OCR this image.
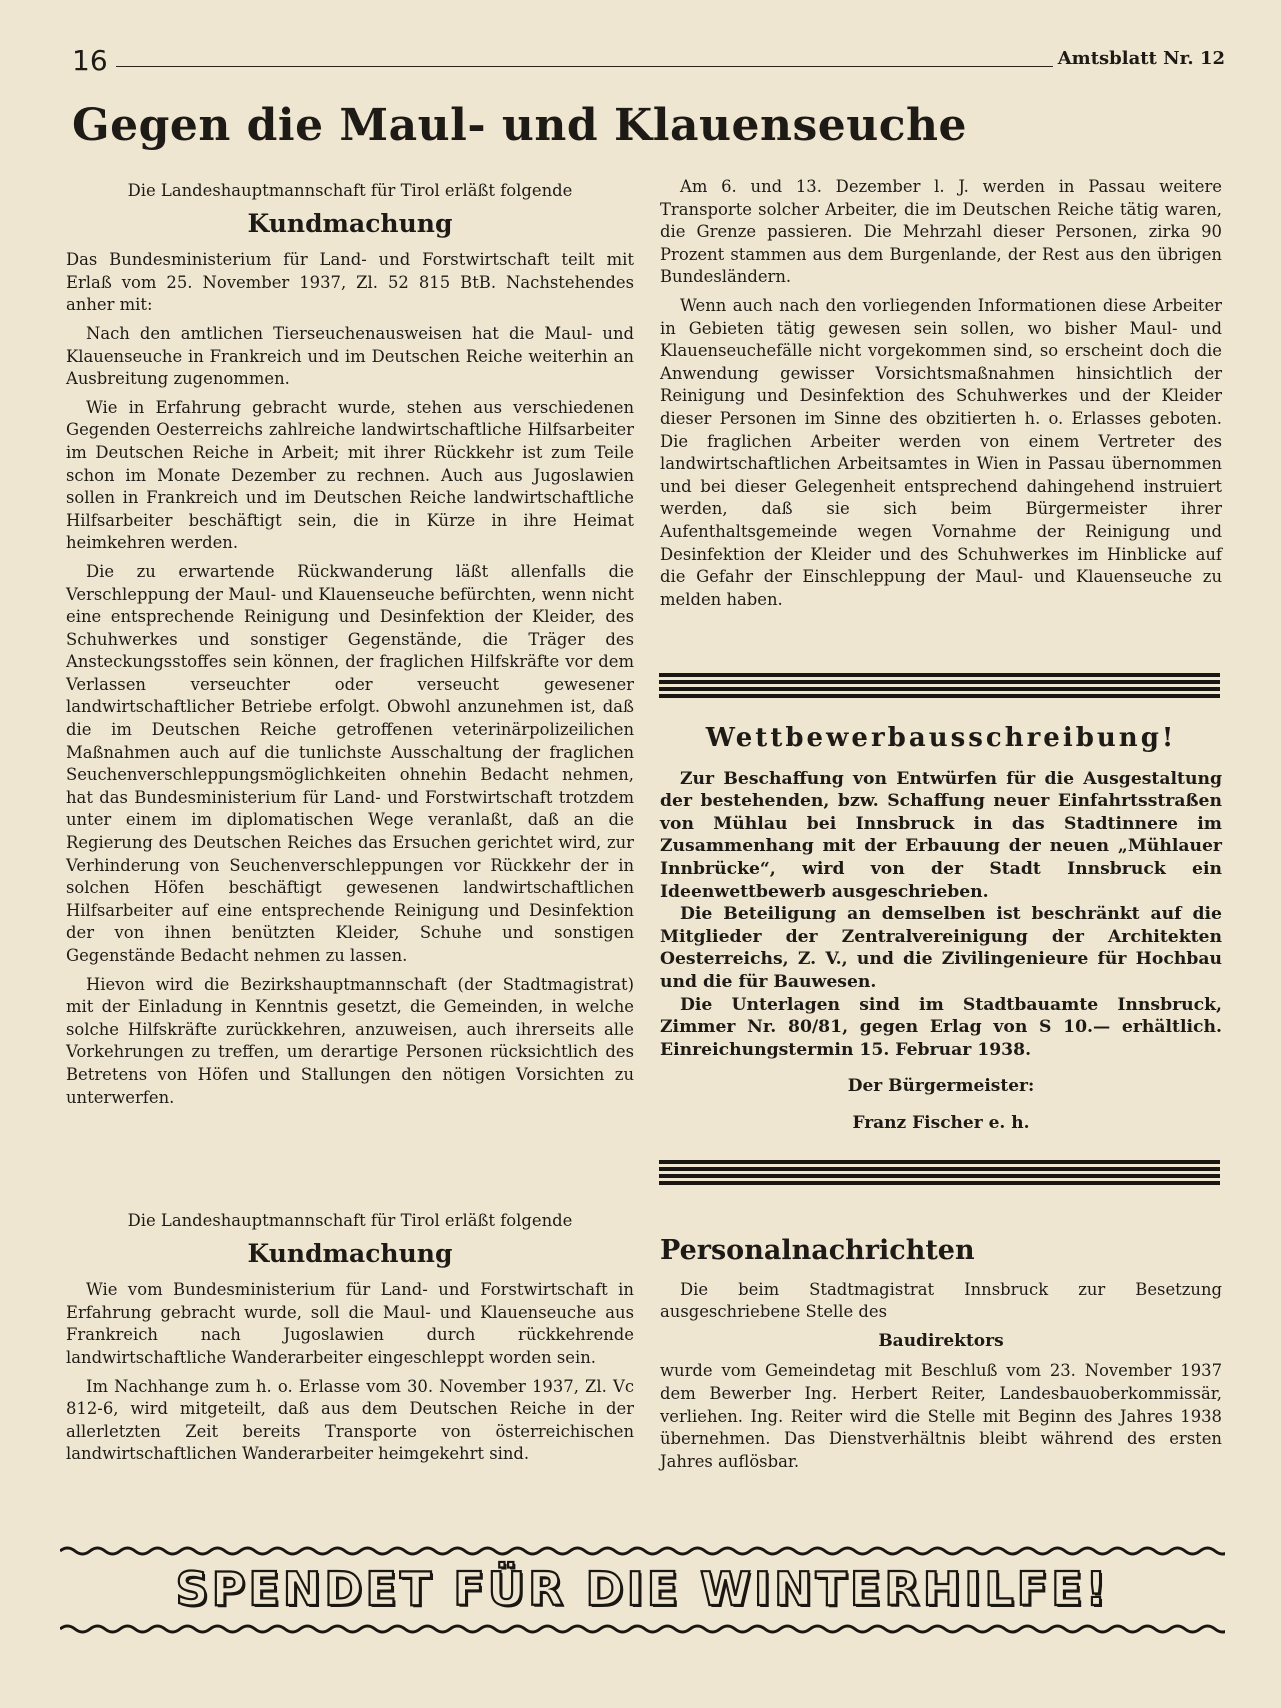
16	Amtsblatt Nr. 12
Gegen die Maul- und Klauenseuche
Die Landeshauptmannschaft für Tirol erläßt folgende
Kundmachung

Das Bundesministerium für Land- und Forstwirtschaft teilt mit Erlaß vom 25. November 1937, Zl. 52 815 BtB. Nachstehendes anher mit:

Nach den amtlichen Tierseuchenausweisen hat die Maul- und Klauenseuche in Frankreich und im Deutschen Reiche weiterhin an Ausbreitung zugenommen.

Wie in Erfahrung gebracht wurde, stehen aus verschiedenen Gegenden Oesterreichs zahlreiche landwirtschaftliche Hilfsarbeiter im Deutschen Reiche in Arbeit; mit ihrer Rückkehr ist zum Teile schon im Monate Dezember zu rechnen. Auch aus Jugoslawien sollen in Frankreich und im Deutschen Reiche landwirtschaftliche Hilfsarbeiter beschäftigt sein, die in Kürze in ihre Heimat heimkehren werden.

Die zu erwartende Rückwanderung läßt allenfalls die Verschleppung der Maul- und Klauenseuche befürchten, wenn nicht eine entsprechende Reinigung und Desinfektion der Kleider, des Schuhwerkes und sonstiger Gegenstände, die Träger des Ansteckungsstoffes sein können, der fraglichen Hilfskräfte vor dem Verlassen verseuchter oder verseucht gewesener landwirtschaftlicher Betriebe erfolgt. Obwohl anzunehmen ist, daß die im Deutschen Reiche getroffenen veterinärpolizeilichen Maßnahmen auch auf die tunlichste Ausschaltung der fraglichen Seuchenverschleppungsmöglichkeiten ohnehin Bedacht nehmen, hat das Bundesministerium für Land- und Forstwirtschaft trotzdem unter einem im diplomatischen Wege veranlaßt, daß an die Regierung des Deutschen Reiches das Ersuchen gerichtet wird, zur Verhinderung von Seuchenverschleppungen vor Rückkehr der in solchen Höfen beschäftigt gewesenen landwirtschaftlichen Hilfsarbeiter auf eine entsprechende Reinigung und Desinfektion der von ihnen benützten Kleider, Schuhe und sonstigen Gegenstände Bedacht nehmen zu lassen.

Hievon wird die Bezirkshauptmannschaft (der Stadtmagistrat) mit der Einladung in Kenntnis gesetzt, die Gemeinden, in welche solche Hilfskräfte zurückkehren, anzuweisen, auch ihrerseits alle Vorkehrungen zu treffen, um derartige Personen rücksichtlich des Betretens von Höfen und Stallungen den nötigen Vorsichten zu unterwerfen.

Am 6. und 13. Dezember l. J. werden in Passau weitere Transporte solcher Arbeiter, die im Deutschen Reiche tätig waren, die Grenze passieren. Die Mehrzahl dieser Personen, zirka 90 Prozent stammen aus dem Burgenlande, der Rest aus den übrigen Bundesländern.

Wenn auch nach den vorliegenden Informationen diese Arbeiter in Gebieten tätig gewesen sein sollen, wo bisher Maul- und Klauenseuchefälle nicht vorgekommen sind, so erscheint doch die Anwendung gewisser Vorsichtsmaßnahmen hinsichtlich der Reinigung und Desinfektion des Schuhwerkes und der Kleider dieser Personen im Sinne des obzitierten h. o. Erlasses geboten. Die fraglichen Arbeiter werden von einem Vertreter des landwirtschaftlichen Arbeitsamtes in Wien in Passau übernommen und bei dieser Gelegenheit entsprechend dahingehend instruiert werden, daß sie sich beim Bürgermeister ihrer Aufenthaltsgemeinde wegen Vornahme der Reinigung und Desinfektion der Kleider und des Schuhwerkes im Hinblicke auf die Gefahr der Einschleppung der Maul- und Klauenseuche zu melden haben.

Wettbewerbausschreibung!

Zur Beschaffung von Entwürfen für die Ausgestaltung der bestehenden, bzw. Schaffung neuer Einfahrtsstraßen von Mühlau bei Innsbruck in das Stadtinnere im Zusammenhang mit der Erbauung der neuen „Mühlauer Innbrücke“, wird von der Stadt Innsbruck ein Ideenwettbewerb ausgeschrieben.

Die Beteiligung an demselben ist beschränkt auf die Mitglieder der Zentralvereinigung der Architekten Oesterreichs, Z. V., und die Zivilingenieure für Hochbau und die für Bauwesen.

Die Unterlagen sind im Stadtbauamte Innsbruck, Zimmer Nr. 80/81, gegen Erlag von S 10.— erhältlich. Einreichungstermin 15. Februar 1938.

Der Bürgermeister:

Franz Fischer e. h.

Die Landeshauptmannschaft für Tirol erläßt folgende
Kundmachung

Wie vom Bundesministerium für Land- und Forstwirtschaft in Erfahrung gebracht wurde, soll die Maul- und Klauenseuche aus Frankreich nach Jugoslawien durch rückkehrende landwirtschaftliche Wanderarbeiter eingeschleppt worden sein.

Im Nachhange zum h. o. Erlasse vom 30. November 1937, Zl. Vc 812-6, wird mitgeteilt, daß aus dem Deutschen Reiche in der allerletzten Zeit bereits Transporte von österreichischen landwirtschaftlichen Wanderarbeiter heimgekehrt sind.

Personalnachrichten

Die beim Stadtmagistrat Innsbruck zur Besetzung ausgeschriebene Stelle des

Baudirektors

wurde vom Gemeindetag mit Beschluß vom 23. November 1937 dem Bewerber Ing. Herbert Reiter, Landesbauoberkommissär, verliehen. Ing. Reiter wird die Stelle mit Beginn des Jahres 1938 übernehmen. Das Dienstverhältnis bleibt während des ersten Jahres auflösbar.

SPENDET FÜR DIE WINTERHILFE!
